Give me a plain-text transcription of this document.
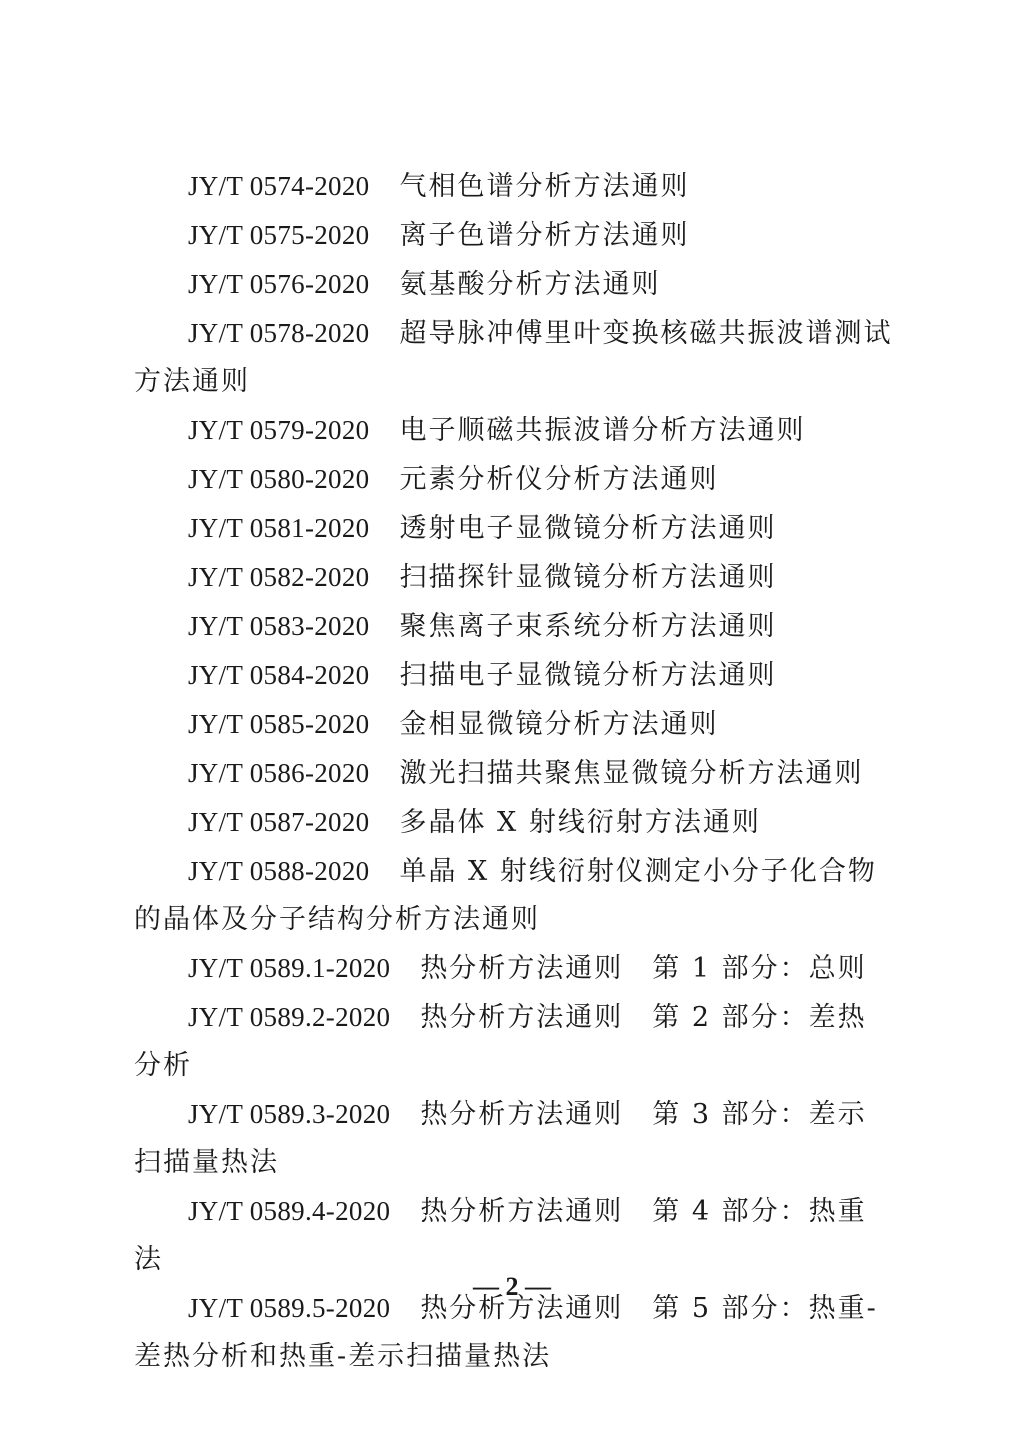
JY/T 0574-2020 气相色谱分析方法通则

JY/T 0575-2020 离子色谱分析方法通则

JY/T 0576-2020 氨基酸分析方法通则

JY/T 0578-2020 超导脉冲傅里叶变换核磁共振波谱测试方法通则

JY/T 0579-2020 电子顺磁共振波谱分析方法通则

JY/T 0580-2020 元素分析仪分析方法通则

JY/T 0581-2020 透射电子显微镜分析方法通则

JY/T 0582-2020 扫描探针显微镜分析方法通则

JY/T 0583-2020 聚焦离子束系统分析方法通则

JY/T 0584-2020 扫描电子显微镜分析方法通则

JY/T 0585-2020 金相显微镜分析方法通则

JY/T 0586-2020 激光扫描共聚焦显微镜分析方法通则

JY/T 0587-2020 多晶体 X 射线衍射方法通则

JY/T 0588-2020 单晶 X 射线衍射仪测定小分子化合物的晶体及分子结构分析方法通则

JY/T 0589.1-2020 热分析方法通则　第 1 部分：总则

JY/T 0589.2-2020 热分析方法通则　第 2 部分：差热分析

JY/T 0589.3-2020 热分析方法通则　第 3 部分：差示扫描量热法

JY/T 0589.4-2020 热分析方法通则　第 4 部分：热重法

JY/T 0589.5-2020 热分析方法通则　第 5 部分：热重-差热分析和热重-差示扫描量热法

— 2 —
